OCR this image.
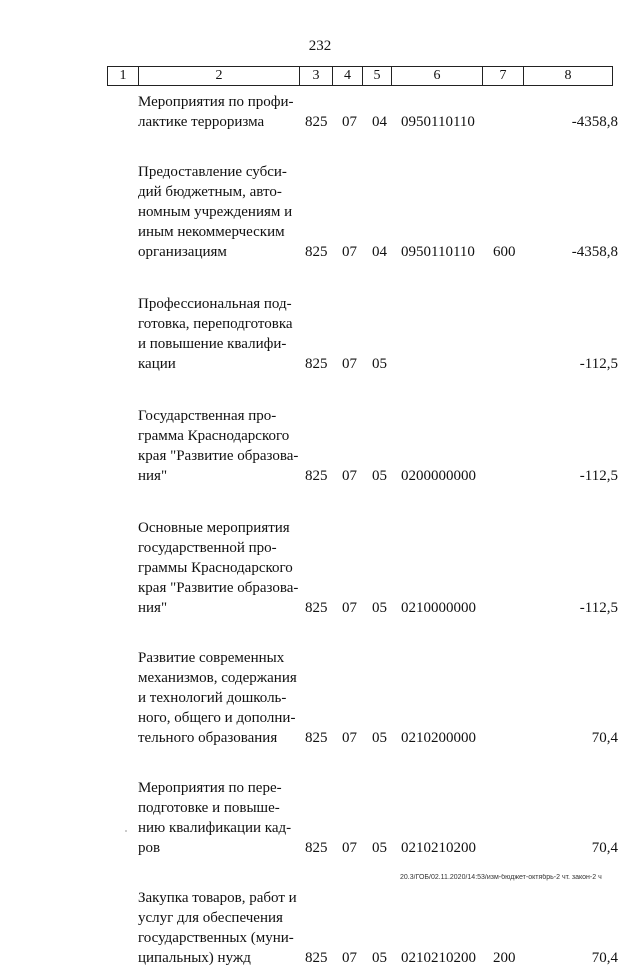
232
1	2	3	4	5	6	7	8
Мероприятия по профи-
лактике терроризма	825 07 04 0950110110	-4358,8
Предоставление субси-
дий бюджетным, авто-
номным учреждениям и
иным некоммерческим
организациям	825 07 04 0950110110 600	-4358,8
Профессиональная под-
готовка, переподготовка
и повышение квалифи-
кации	825 07 05	-112,5
Государственная про-
грамма Краснодарского
края "Развитие образова-
ния"	825 07 05 0200000000	-112,5
Основные мероприятия
государственной про-
граммы Краснодарского
края "Развитие образова-
ния"	825 07 05 0210000000	-112,5
Развитие современных
механизмов, содержания
и технологий дошколь-
ного, общего и дополни-
тельного образования	825 07 05 0210200000	70,4
Мероприятия по пере-
подготовке и повыше-
нию квалификации кад-
ров	825 07 05 0210210200	70,4
Закупка товаров, работ и
услуг для обеспечения
государственных (муни-
ципальных) нужд	825 07 05 0210210200 200	70,4
20.3/ГОБ/02.11.2020/14:53/изм-бюджет-октябрь-2 чт. закон-2 ч
